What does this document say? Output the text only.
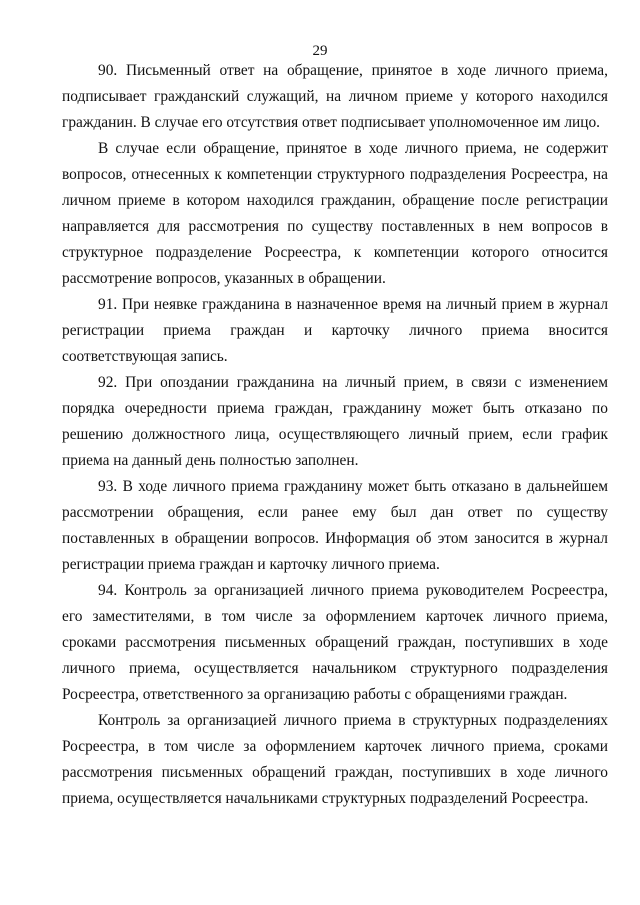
29

90. Письменный ответ на обращение, принятое в ходе личного приема, подписывает гражданский служащий, на личном приеме у которого находился гражданин. В случае его отсутствия ответ подписывает уполномоченное им лицо.

В случае если обращение, принятое в ходе личного приема, не содержит вопросов, отнесенных к компетенции структурного подразделения Росреестра, на личном приеме в котором находился гражданин, обращение после регистрации направляется для рассмотрения по существу поставленных в нем вопросов в структурное подразделение Росреестра, к компетенции которого относится рассмотрение вопросов, указанных в обращении.

91. При неявке гражданина в назначенное время на личный прием в журнал регистрации приема граждан и карточку личного приема вносится соответствующая запись.

92. При опоздании гражданина на личный прием, в связи с изменением порядка очередности приема граждан, гражданину может быть отказано по решению должностного лица, осуществляющего личный прием, если график приема на данный день полностью заполнен.

93. В ходе личного приема гражданину может быть отказано в дальнейшем рассмотрении обращения, если ранее ему был дан ответ по существу поставленных в обращении вопросов. Информация об этом заносится в журнал регистрации приема граждан и карточку личного приема.

94. Контроль за организацией личного приема руководителем Росреестра, его заместителями, в том числе за оформлением карточек личного приема, сроками рассмотрения письменных обращений граждан, поступивших в ходе личного приема, осуществляется начальником структурного подразделения Росреестра, ответственного за организацию работы с обращениями граждан.

Контроль за организацией личного приема в структурных подразделениях Росреестра, в том числе за оформлением карточек личного приема, сроками рассмотрения письменных обращений граждан, поступивших в ходе личного приема, осуществляется начальниками структурных подразделений Росреестра.
